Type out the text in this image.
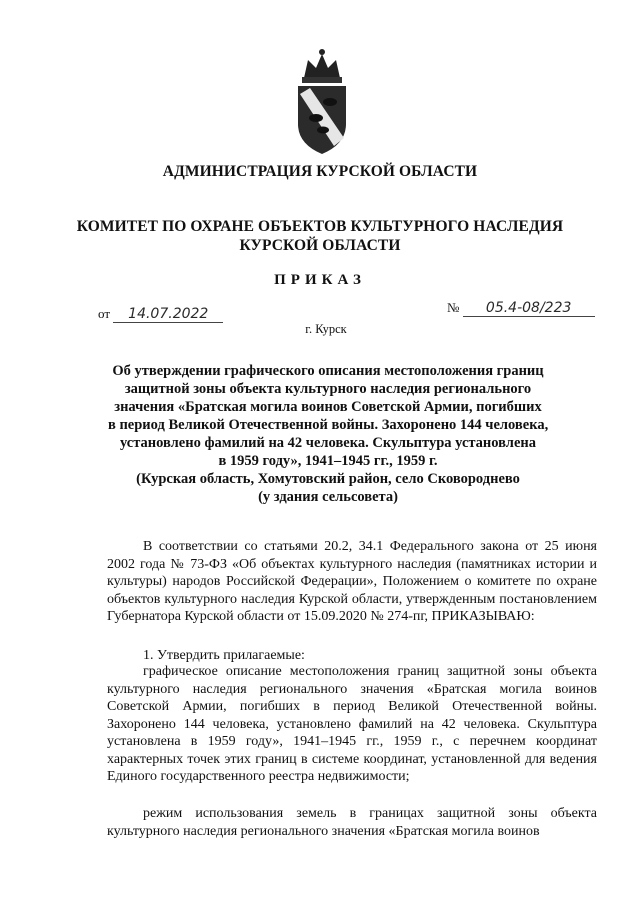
АДМИНИСТРАЦИЯ КУРСКОЙ ОБЛАСТИ
КОМИТЕТ ПО ОХРАНЕ ОБЪЕКТОВ КУЛЬТУРНОГО НАСЛЕДИЯ
КУРСКОЙ ОБЛАСТИ
ПРИКАЗ
от 14.07.2022	№ 05.4-08/223
г. Курск
Об утверждении графического описания местоположения границ
защитной зоны объекта культурного наследия регионального
значения «Братская могила воинов Советской Армии, погибших
в период Великой Отечественной войны. Захоронено 144 человека,
установлено фамилий на 42 человека. Скульптура установлена
в 1959 году», 1941–1945 гг., 1959 г.
(Курская область, Хомутовский район, село Сковороднево
(у здания сельсовета)

В соответствии со статьями 20.2, 34.1 Федерального закона от 25 июня 2002 года № 73-ФЗ «Об объектах культурного наследия (памятниках истории и культуры) народов Российской Федерации», Положением о комитете по охране объектов культурного наследия Курской области, утвержденным постановлением Губернатора Курской области от 15.09.2020 № 274-пг, ПРИКАЗЫВАЮ:

1. Утвердить прилагаемые:

графическое описание местоположения границ защитной зоны объекта культурного наследия регионального значения «Братская могила воинов Советской Армии, погибших в период Великой Отечественной войны. Захоронено 144 человека, установлено фамилий на 42 человека. Скульптура установлена в 1959 году», 1941–1945 гг., 1959 г., с перечнем координат характерных точек этих границ в системе координат, установленной для ведения Единого государственного реестра недвижимости;

режим использования земель в границах защитной зоны объекта культурного наследия регионального значения «Братская могила воинов
